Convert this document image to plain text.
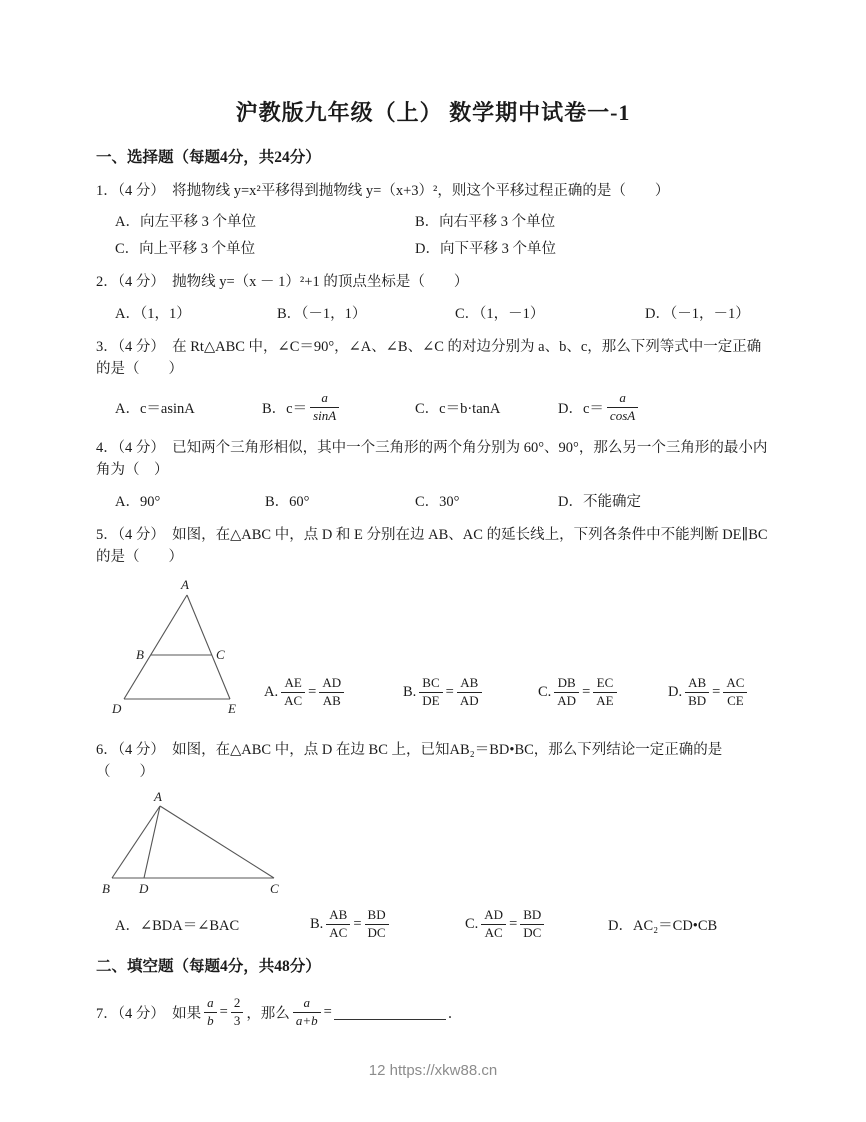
沪教版九年级（上） 数学期中试卷一-1
一、选择题（每题4分，共24分）
1．（4 分）　将抛物线 y=x²平移得到抛物线 y=（x+3）²，则这个平移过程正确的是（　　）
A．向左平移 3 个单位	B．向右平移 3 个单位
C．向上平移 3 个单位	D．向下平移 3 个单位
2．（4 分）　抛物线 y=（x － 1）²+1 的顶点坐标是（　　）
A．（1，1）	B．（－1，1）	C．（1，－1）	D．（－1，－1）
3．（4 分）　在 Rt△ABC 中，∠C＝90°，∠A、∠B、∠C 的对边分别为 a、b、c，那么下列等式中一定正确的是（　　）
A．c＝asinA	B．$c= \frac{a}{\sin A}$	C．c＝b·tanA	D．$c= \frac{a}{\cos A}$
4．（4 分）　已知两个三角形相似，其中一个三角形的两个角分别为 60°、90°，那么另一个三角形的最小内角为（　）
A．90°	B．60°	C．30°	D．不能确定
5．（4 分）　如图，在△ABC 中，点 D 和 E 分别在边 AB、AC 的延长线上，下列各条件中不能判断 DE∥BC 的是（　　）
A
B	C
D	E
A. $\frac{AE}{AC} = \frac{AD}{AB}$	B. $\frac{BC}{DE} = \frac{AB}{AD}$	C. $\frac{DB}{AD} = \frac{EC}{AE}$	D. $\frac{AB}{BD} = \frac{AC}{CE}$
6．（4 分）　如图，在△ABC 中，点 D 在边 BC 上，已知AB₂＝BD•BC，那么下列结论一定正确的是（　　）
A
B D	C
A．∠BDA＝∠BAC	B. $\frac{AB}{AC} = \frac{BD}{DC}$	C. $\frac{AD}{AC} = \frac{BD}{DC}$	D．AC₂＝CD•CB
二、填空题（每题4分，共48分）
7．（4 分）　如果 $\frac{a}{b} = \frac{2}{3}$ ，那么 $\frac{a}{a+b}$ =	．
12 https://xkw88.cn
